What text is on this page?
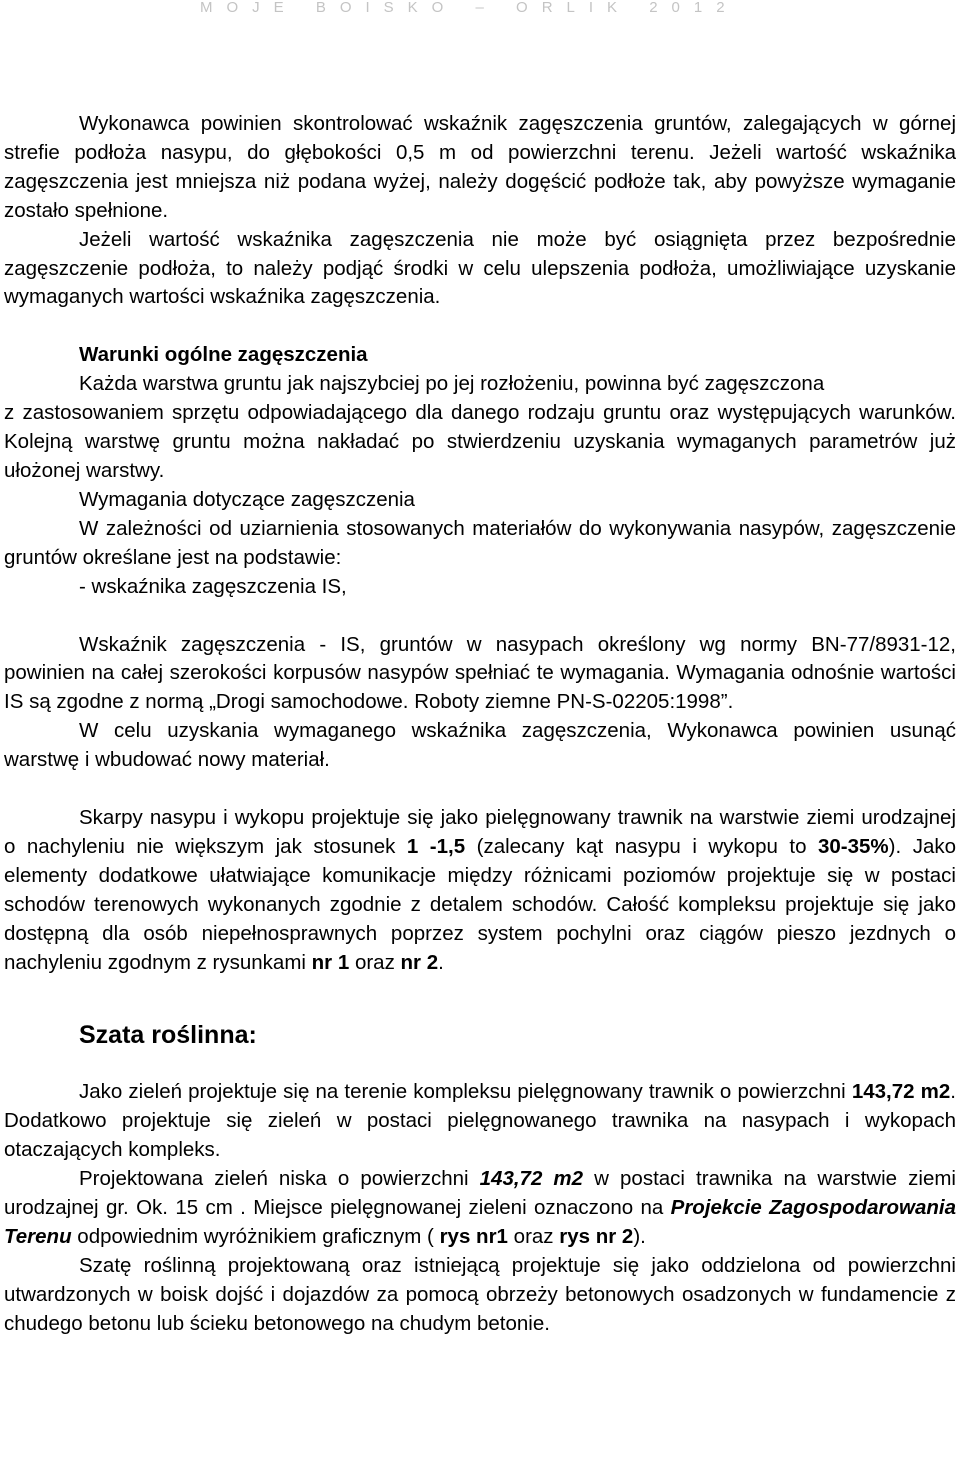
MOJE BOISKO – ORLIK 2012

Wykonawca powinien skontrolować wskaźnik zagęszczenia gruntów, zalegających w górnej strefie podłoża nasypu, do głębokości 0,5 m od powierzchni terenu. Jeżeli wartość wskaźnika zagęszczenia jest mniejsza niż podana wyżej, należy dogęścić podłoże tak, aby powyższe wymaganie zostało spełnione.

Jeżeli wartość wskaźnika zagęszczenia nie może być osiągnięta przez bezpośrednie zagęszczenie podłoża, to należy podjąć środki w celu ulepszenia podłoża, umożliwiające uzyskanie wymaganych wartości wskaźnika zagęszczenia.

Warunki ogólne zagęszczenia

Każda warstwa gruntu jak najszybciej po jej rozłożeniu, powinna być zagęszczona

z zastosowaniem sprzętu odpowiadającego dla danego rodzaju gruntu oraz występujących warunków. Kolejną warstwę gruntu można nakładać po stwierdzeniu uzyskania wymaganych parametrów już ułożonej warstwy.

Wymagania dotyczące zagęszczenia

W zależności od uziarnienia stosowanych materiałów do wykonywania nasypów, zagęszczenie gruntów określane jest na podstawie:

- wskaźnika zagęszczenia IS,

Wskaźnik zagęszczenia - IS, gruntów w nasypach określony wg normy BN-77/8931-12, powinien na całej szerokości korpusów nasypów spełniać te wymagania. Wymagania odnośnie wartości IS są zgodne z normą „Drogi samochodowe. Roboty ziemne PN-S-02205:1998”.

W celu uzyskania wymaganego wskaźnika zagęszczenia, Wykonawca powinien usunąć warstwę i wbudować nowy materiał.

Skarpy nasypu i wykopu projektuje się jako pielęgnowany trawnik na warstwie ziemi urodzajnej o nachyleniu nie większym jak stosunek 1 -1,5 (zalecany kąt nasypu i wykopu to 30-35%). Jako elementy dodatkowe ułatwiające komunikacje między różnicami poziomów projektuje się w postaci schodów terenowych wykonanych zgodnie z detalem schodów. Całość kompleksu projektuje się jako dostępną dla osób niepełnosprawnych poprzez system pochylni oraz ciągów pieszo jezdnych o nachyleniu zgodnym z rysunkami nr 1 oraz nr 2.

Szata roślinna:

Jako zieleń projektuje się na terenie kompleksu pielęgnowany trawnik o powierzchni 143,72 m2. Dodatkowo projektuje się zieleń w postaci pielęgnowanego trawnika na nasypach i wykopach otaczających kompleks.

Projektowana zieleń niska o powierzchni 143,72 m2 w postaci trawnika na warstwie ziemi urodzajnej gr. Ok. 15 cm . Miejsce pielęgnowanej zieleni oznaczono na Projekcie Zagospodarowania Terenu odpowiednim wyróżnikiem graficznym ( rys nr1 oraz rys nr 2).

Szatę roślinną projektowaną oraz istniejącą projektuje się jako oddzielona od powierzchni utwardzonych w boisk dojść i dojazdów za pomocą obrzeży betonowych osadzonych w fundamencie z chudego betonu lub ścieku betonowego na chudym betonie.
